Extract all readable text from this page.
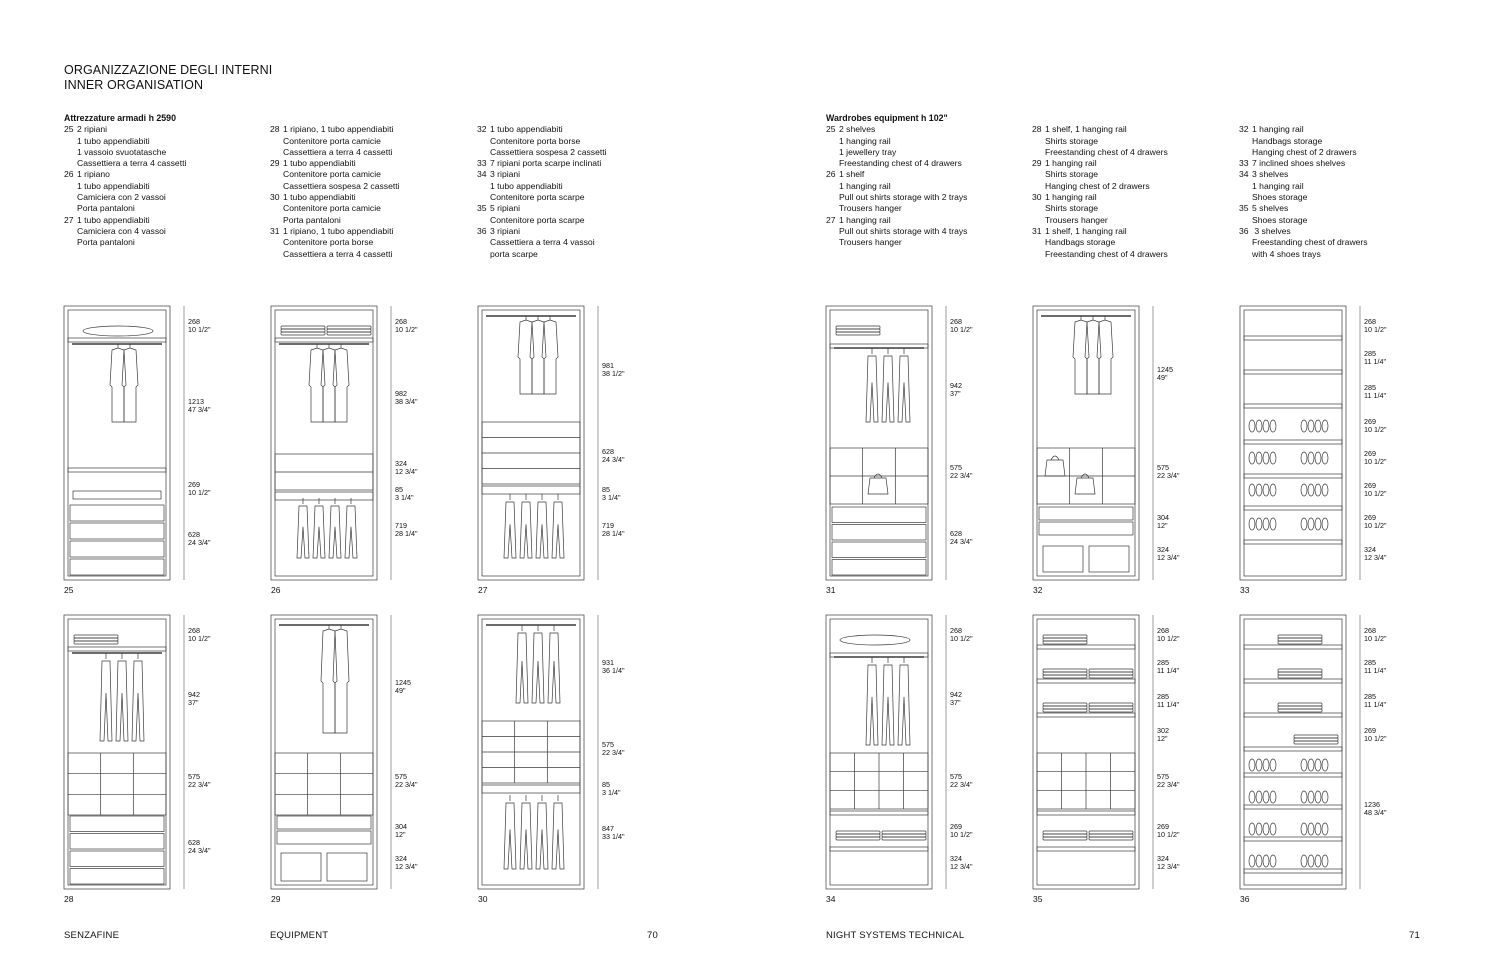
ORGANIZZAZIONE DEGLI INTERNI
INNER ORGANISATION
Attrezzature armadi h 2590
25 2 ripiani
1 tubo appendiabiti
1 vassoio svuotatasche
Cassettiera a terra 4 cassetti
26 1 ripiano
1 tubo appendiabiti
Camiciera con 2 vassoi
Porta pantaloni
27 1 tubo appendiabiti
Camiciera con 4 vassoi
Porta pantaloni

28 1 ripiano, 1 tubo appendiabiti
Contenitore porta camicie
Cassettiera a terra 4 cassetti
29 1 tubo appendiabiti
Contenitore porta camicie
Cassettiera sospesa 2 cassetti
30 1 tubo appendiabiti
Contenitore porta camicie
Porta pantaloni
31 1 ripiano, 1 tubo appendiabiti
Contenitore porta borse
Cassettiera a terra 4 cassetti

32 1 tubo appendiabiti
Contenitore porta borse
Cassettiera sospesa 2 cassetti
33 7 ripiani porta scarpe inclinati
34 3 ripiani
1 tubo appendiabiti
Contenitore porta scarpe
35 5 ripiani
Contenitore porta scarpe
36 3 ripiani
Cassettiera a terra 4 vassoi
porta scarpe
Wardrobes equipment h 102"
25 2 shelves
1 hanging rail
1 jewellery tray
Freestanding chest of 4 drawers
26 1 shelf
1 hanging rail
Pull out shirts storage with 2 trays
Trousers hanger
27 1 hanging rail
Pull out shirts storage with 4 trays
Trousers hanger

28 1 shelf, 1 hanging rail
Shirts storage
Freestanding chest of 4 drawers
29 1 hanging rail
Shirts storage
Hanging chest of 2 drawers
30 1 hanging rail
Shirts storage
Trousers hanger
31 1 shelf, 1 hanging rail
Handbags storage
Freestanding chest of 4 drawers

32 1 hanging rail
Handbags storage
Hanging chest of 2 drawers
33 7 inclined shoes shelves
34 3 shelves
1 hanging rail
Shoes storage
35 5 shelves
Shoes storage
36 3 shelves
Freestanding chest of drawers
with 4 shoes trays
25
268
10 1/2"
1213
47 3/4"
269
10 1/2"
628
24 3/4"
26
268
10 1/2"
982
38 3/4"
324
12 3/4"
85
3 1/4"
719
28 1/4"
27
981
38 1/2"
628
24 3/4"
85
3 1/4"
719
28 1/4"
31
268
10 1/2"
942
37"
575
22 3/4"
628
24 3/4"
32
1245
49"
575
22 3/4"
304
12"
324
12 3/4"
33
268
10 1/2"
285
11 1/4"
285
11 1/4"
269
10 1/2"
269
10 1/2"
269
10 1/2"
269
10 1/2"
324
12 3/4"
28
268
10 1/2"
942
37"
575
22 3/4"
628
24 3/4"
29
1245
49"
575
22 3/4"
304
12"
324
12 3/4"
30
931
36 1/4"
575
22 3/4"
85
3 1/4"
847
33 1/4"
34
268
10 1/2"
942
37"
575
22 3/4"
269
10 1/2"
324
12 3/4"
35
268
10 1/2"
285
11 1/4"
285
11 1/4"
302
12"
575
22 3/4"
269
10 1/2"
324
12 3/4"
36
268
10 1/2"
285
11 1/4"
285
11 1/4"
269
10 1/2"
1236
48 3/4"
SENZAFINE	EQUIPMENT	70	NIGHT SYSTEMS TECHNICAL	71
